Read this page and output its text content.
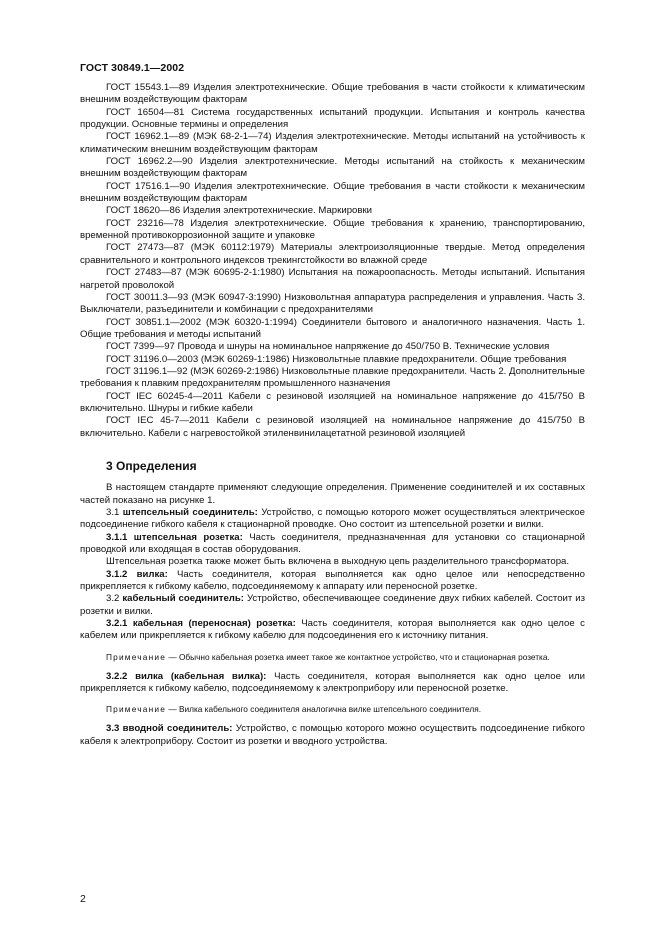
ГОСТ 30849.1—2002

ГОСТ 15543.1—89 Изделия электротехнические. Общие требования в части стойкости к климатическим внешним воздействующим факторам

ГОСТ 16504—81 Система государственных испытаний продукции. Испытания и контроль качества продукции. Основные термины и определения

ГОСТ 16962.1—89 (МЭК 68-2-1—74) Изделия электротехнические. Методы испытаний на устойчивость к климатическим внешним воздействующим факторам

ГОСТ 16962.2—90 Изделия электротехнические. Методы испытаний на стойкость к механическим внешним воздействующим факторам

ГОСТ 17516.1—90 Изделия электротехнические. Общие требования в части стойкости к механическим внешним воздействующим факторам

ГОСТ 18620—86 Изделия электротехнические. Маркировки

ГОСТ 23216—78 Изделия электротехнические. Общие требования к хранению, транспортированию, временной противокоррозионной защите и упаковке

ГОСТ 27473—87 (МЭК 60112:1979) Материалы электроизоляционные твердые. Метод определения сравнительного и контрольного индексов трекингстойкости во влажной среде

ГОСТ 27483—87 (МЭК 60695-2-1:1980) Испытания на пожароопасность. Методы испытаний. Испытания нагретой проволокой

ГОСТ 30011.3—93 (МЭК 60947-3:1990) Низковольтная аппаратура распределения и управления. Часть 3. Выключатели, разъединители и комбинации с предохранителями

ГОСТ 30851.1—2002 (МЭК 60320-1:1994) Соединители бытового и аналогичного назначения. Часть 1. Общие требования и методы испытаний

ГОСТ 7399—97 Провода и шнуры на номинальное напряжение до 450/750 В. Технические условия

ГОСТ 31196.0—2003 (МЭК 60269-1:1986) Низковольтные плавкие предохранители. Общие требования

ГОСТ 31196.1—92 (МЭК 60269-2:1986) Низковольтные плавкие предохранители. Часть 2. Дополнительные требования к плавким предохранителям промышленного назначения

ГОСТ IEC 60245-4—2011 Кабели с резиновой изоляцией на номинальное напряжение до 415/750 В включительно. Шнуры и гибкие кабели

ГОСТ IEC 45-7—2011 Кабели с резиновой изоляцией на номинальное напряжение до 415/750 В включительно. Кабели с нагревостойкой этиленвинилацетатной резиновой изоляцией

3 Определения

В настоящем стандарте применяют следующие определения. Применение соединителей и их составных частей показано на рисунке 1.

3.1 штепсельный соединитель: Устройство, с помощью которого может осуществляться электрическое подсоединение гибкого кабеля к стационарной проводке. Оно состоит из штепсельной розетки и вилки.

3.1.1 штепсельная розетка: Часть соединителя, предназначенная для установки со стационарной проводкой или входящая в состав оборудования.

Штепсельная розетка также может быть включена в выходную цепь разделительного трансформатора.

3.1.2 вилка: Часть соединителя, которая выполняется как одно целое или непосредственно прикрепляется к гибкому кабелю, подсоединяемому к аппарату или переносной розетке.

3.2 кабельный соединитель: Устройство, обеспечивающее соединение двух гибких кабелей. Состоит из розетки и вилки.

3.2.1 кабельная (переносная) розетка: Часть соединителя, которая выполняется как одно целое с кабелем или прикрепляется к гибкому кабелю для подсоединения его к источнику питания.

Примечание — Обычно кабельная розетка имеет такое же контактное устройство, что и стационарная розетка.

3.2.2 вилка (кабельная вилка): Часть соединителя, которая выполняется как одно целое или прикрепляется к гибкому кабелю, подсоединяемому к электроприбору или переносной розетке.

Примечание — Вилка кабельного соединителя аналогична вилке штепсельного соединителя.

3.3 вводной соединитель: Устройство, с помощью которого можно осуществить подсоединение гибкого кабеля к электроприбору. Состоит из розетки и вводного устройства.

2
